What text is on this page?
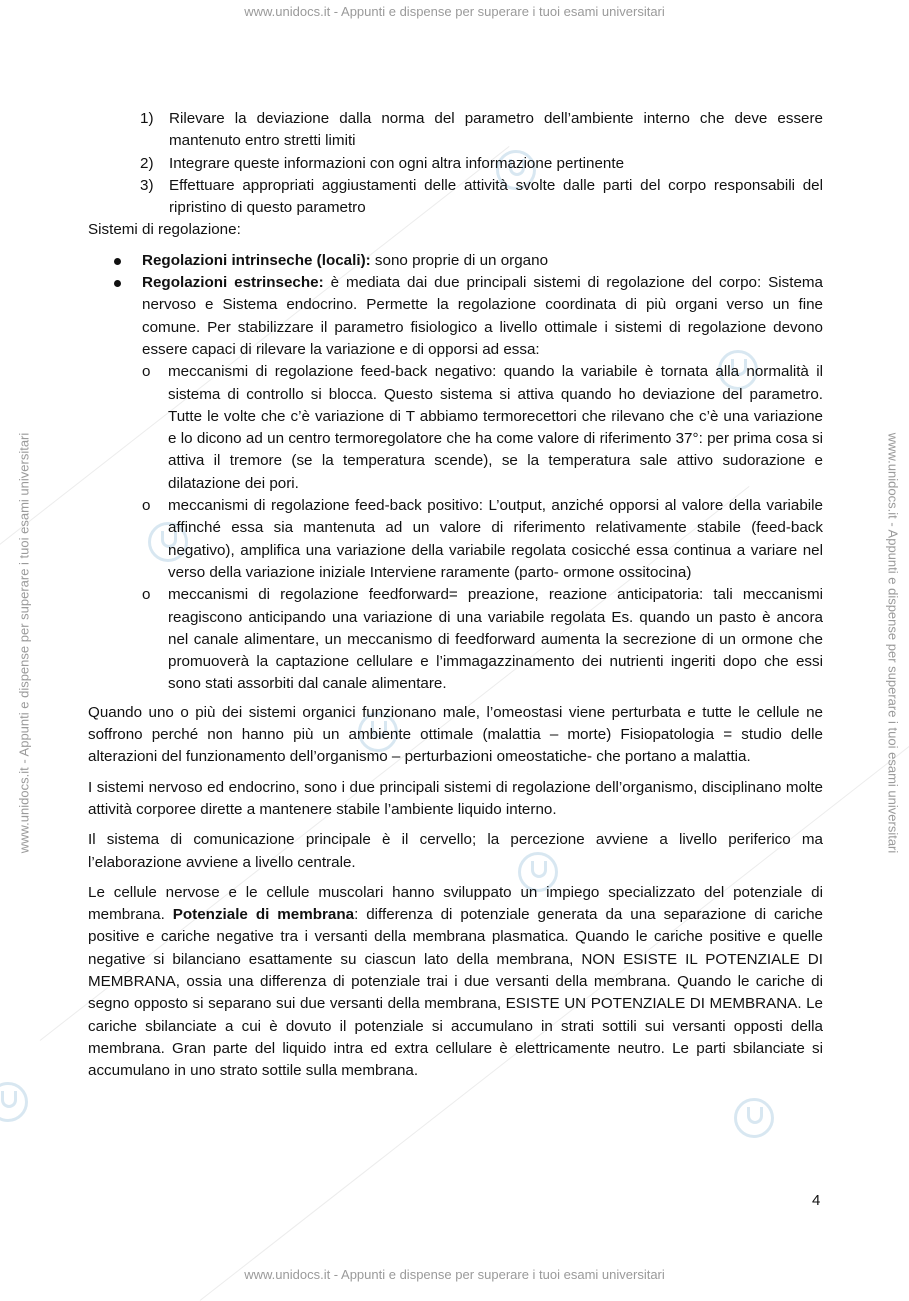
www.unidocs.it - Appunti e dispense per superare i tuoi esami universitari
www.unidocs.it - Appunti e dispense per superare i tuoi esami universitari
www.unidocs.it - Appunti e dispense per superare i tuoi esami universitari	www.unidocs.it - Appunti e dispense per superare i tuoi esami universitari
1) Rilevare la deviazione dalla norma del parametro dell’ambiente interno che deve essere mantenuto entro stretti limiti
2) Integrare queste informazioni con ogni altra informazione pertinente
3) Effettuare appropriati aggiustamenti delle attività svolte dalle parti del corpo responsabili del ripristino di questo parametro

Sistemi di regolazione:

Regolazioni intrinseche (locali): sono proprie di un organo
Regolazioni estrinseche: è mediata dai due principali sistemi di regolazione del corpo: Sistema nervoso e Sistema endocrino. Permette la regolazione coordinata di più organi verso un fine comune. Per stabilizzare il parametro fisiologico a livello ottimale i sistemi di regolazione devono essere capaci di rilevare la variazione e di opporsi ad essa:
o meccanismi di regolazione feed-back negativo: quando la variabile è tornata alla normalità il sistema di controllo si blocca. Questo sistema si attiva quando ho deviazione del parametro. Tutte le volte che c’è variazione di T abbiamo termorecettori che rilevano che c’è una variazione e lo dicono ad un centro termoregolatore che ha come valore di riferimento 37°: per prima cosa si attiva il tremore (se la temperatura scende), se la temperatura sale attivo sudorazione e dilatazione dei pori.
o meccanismi di regolazione feed-back positivo: L’output, anziché opporsi al valore della variabile affinché essa sia mantenuta ad un valore di riferimento relativamente stabile (feed-back negativo), amplifica una variazione della variabile regolata cosicché essa continua a variare nel verso della variazione iniziale Interviene raramente (parto- ormone ossitocina)
o meccanismi di regolazione feedforward= preazione, reazione anticipatoria: tali meccanismi reagiscono anticipando una variazione di una variabile regolata Es. quando un pasto è ancora nel canale alimentare, un meccanismo di feedforward aumenta la secrezione di un ormone che promuoverà la captazione cellulare e l’immagazzinamento dei nutrienti ingeriti dopo che essi sono stati assorbiti dal canale alimentare.

Quando uno o più dei sistemi organici funzionano male, l’omeostasi viene perturbata e tutte le cellule ne soffrono perché non hanno più un ambiente ottimale (malattia – morte) Fisiopatologia = studio delle alterazioni del funzionamento dell’organismo – perturbazioni omeostatiche- che portano a malattia.

I sistemi nervoso ed endocrino, sono i due principali sistemi di regolazione dell’organismo, disciplinano molte attività corporee dirette a mantenere stabile l’ambiente liquido interno.

Il sistema di comunicazione principale è il cervello; la percezione avviene a livello periferico ma l’elaborazione avviene a livello centrale.

Le cellule nervose e le cellule muscolari hanno sviluppato un impiego specializzato del potenziale di membrana. Potenziale di membrana: differenza di potenziale generata da una separazione di cariche positive e cariche negative tra i versanti della membrana plasmatica. Quando le cariche positive e quelle negative si bilanciano esattamente su ciascun lato della membrana, NON ESISTE IL POTENZIALE DI MEMBRANA, ossia una differenza di potenziale trai i due versanti della membrana. Quando le cariche di segno opposto si separano sui due versanti della membrana, ESISTE UN POTENZIALE DI MEMBRANA. Le cariche sbilanciate a cui è dovuto il potenziale si accumulano in strati sottili sui versanti opposti della membrana. Gran parte del liquido intra ed extra cellulare è elettricamente neutro. Le parti sbilanciate si accumulano in uno strato sottile sulla membrana.

4
